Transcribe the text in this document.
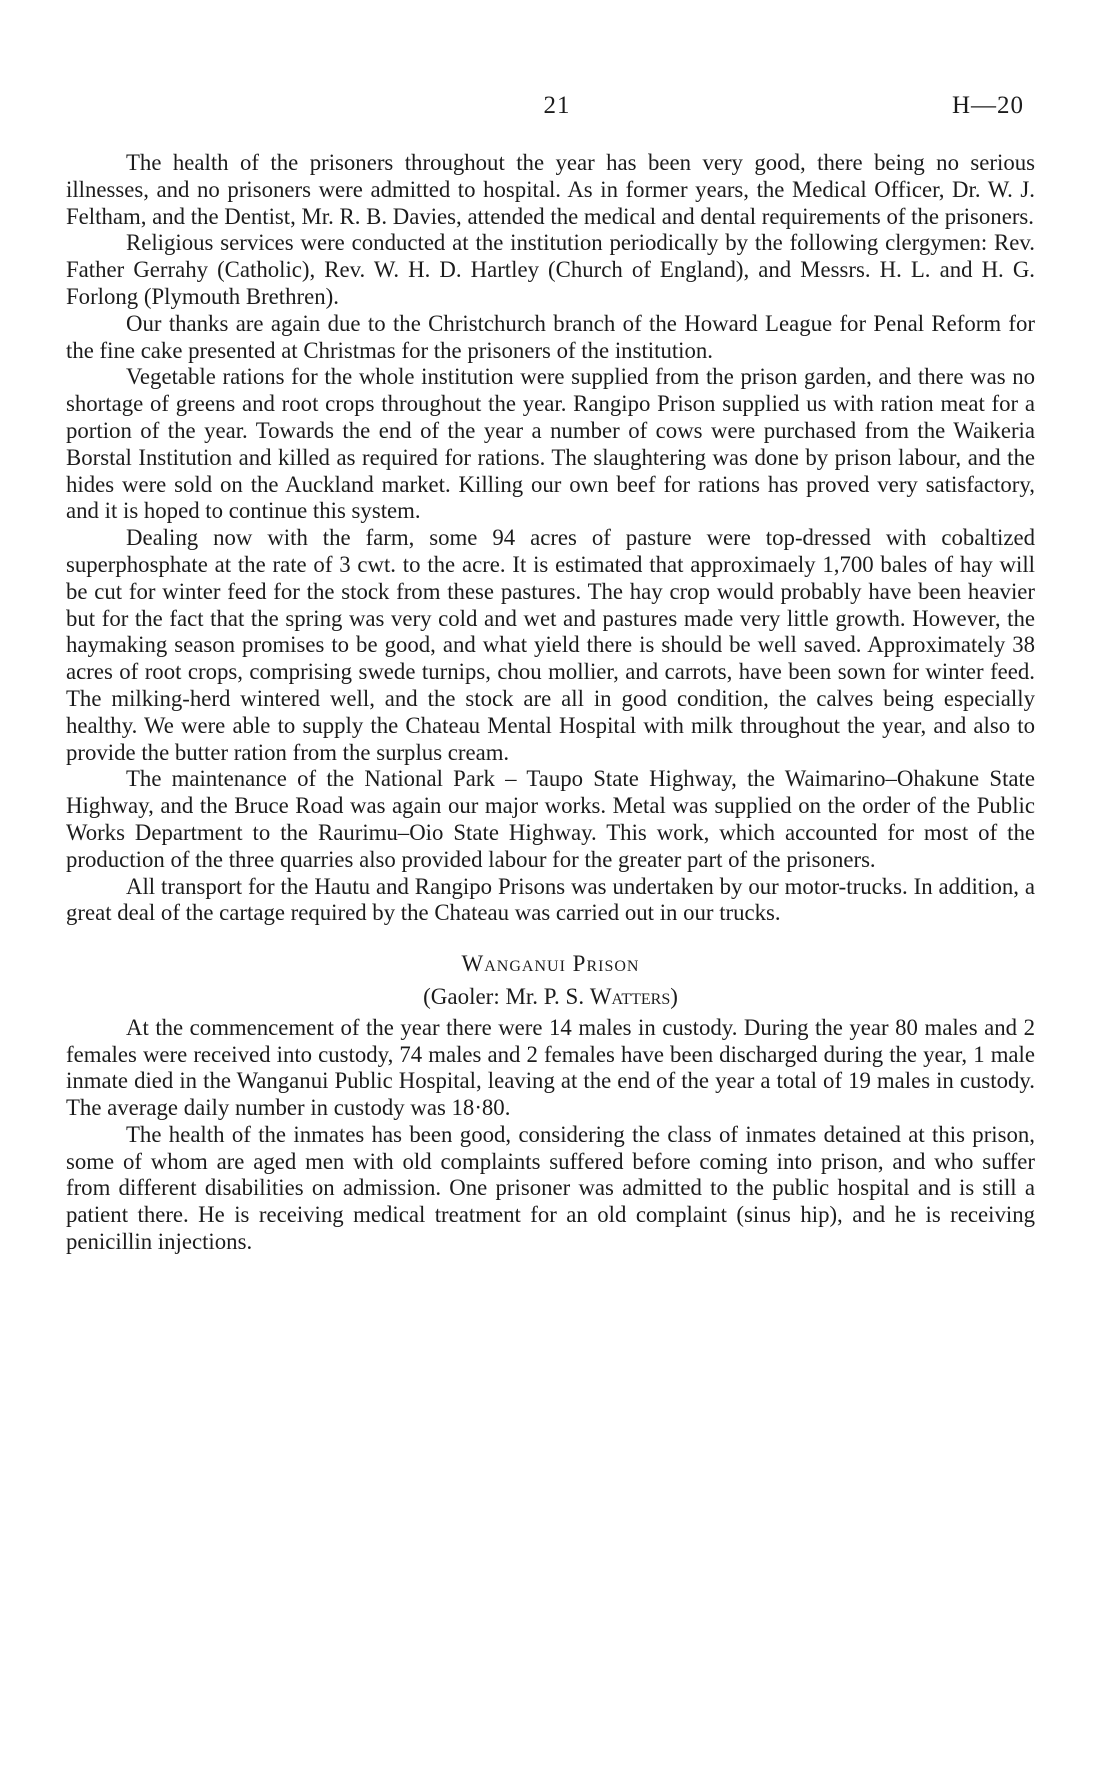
21	H—20

The health of the prisoners throughout the year has been very good, there being no serious illnesses, and no prisoners were admitted to hospital. As in former years, the Medical Officer, Dr. W. J. Feltham, and the Dentist, Mr. R. B. Davies, attended the medical and dental requirements of the prisoners.

Religious services were conducted at the institution periodically by the following clergymen: Rev. Father Gerrahy (Catholic), Rev. W. H. D. Hartley (Church of England), and Messrs. H. L. and H. G. Forlong (Plymouth Brethren).

Our thanks are again due to the Christchurch branch of the Howard League for Penal Reform for the fine cake presented at Christmas for the prisoners of the institution.

Vegetable rations for the whole institution were supplied from the prison garden, and there was no shortage of greens and root crops throughout the year. Rangipo Prison supplied us with ration meat for a portion of the year. Towards the end of the year a number of cows were purchased from the Waikeria Borstal Institution and killed as required for rations. The slaughtering was done by prison labour, and the hides were sold on the Auckland market. Killing our own beef for rations has proved very satisfactory, and it is hoped to continue this system.

Dealing now with the farm, some 94 acres of pasture were top-dressed with cobaltized superphosphate at the rate of 3 cwt. to the acre. It is estimated that approximaely 1,700 bales of hay will be cut for winter feed for the stock from these pastures. The hay crop would probably have been heavier but for the fact that the spring was very cold and wet and pastures made very little growth. However, the haymaking season promises to be good, and what yield there is should be well saved. Approximately 38 acres of root crops, comprising swede turnips, chou mollier, and carrots, have been sown for winter feed. The milking-herd wintered well, and the stock are all in good condition, the calves being especially healthy. We were able to supply the Chateau Mental Hospital with milk throughout the year, and also to provide the butter ration from the surplus cream.

The maintenance of the National Park – Taupo State Highway, the Waimarino–Ohakune State Highway, and the Bruce Road was again our major works. Metal was supplied on the order of the Public Works Department to the Raurimu–Oio State Highway. This work, which accounted for most of the production of the three quarries also provided labour for the greater part of the prisoners.

All transport for the Hautu and Rangipo Prisons was undertaken by our motor-trucks. In addition, a great deal of the cartage required by the Chateau was carried out in our trucks.

Wanganui Prison
(Gaoler: Mr. P. S. Watters)

At the commencement of the year there were 14 males in custody. During the year 80 males and 2 females were received into custody, 74 males and 2 females have been discharged during the year, 1 male inmate died in the Wanganui Public Hospital, leaving at the end of the year a total of 19 males in custody. The average daily number in custody was 18·80.

The health of the inmates has been good, considering the class of inmates detained at this prison, some of whom are aged men with old complaints suffered before coming into prison, and who suffer from different disabilities on admission. One prisoner was admitted to the public hospital and is still a patient there. He is receiving medical treatment for an old complaint (sinus hip), and he is receiving penicillin injections.
